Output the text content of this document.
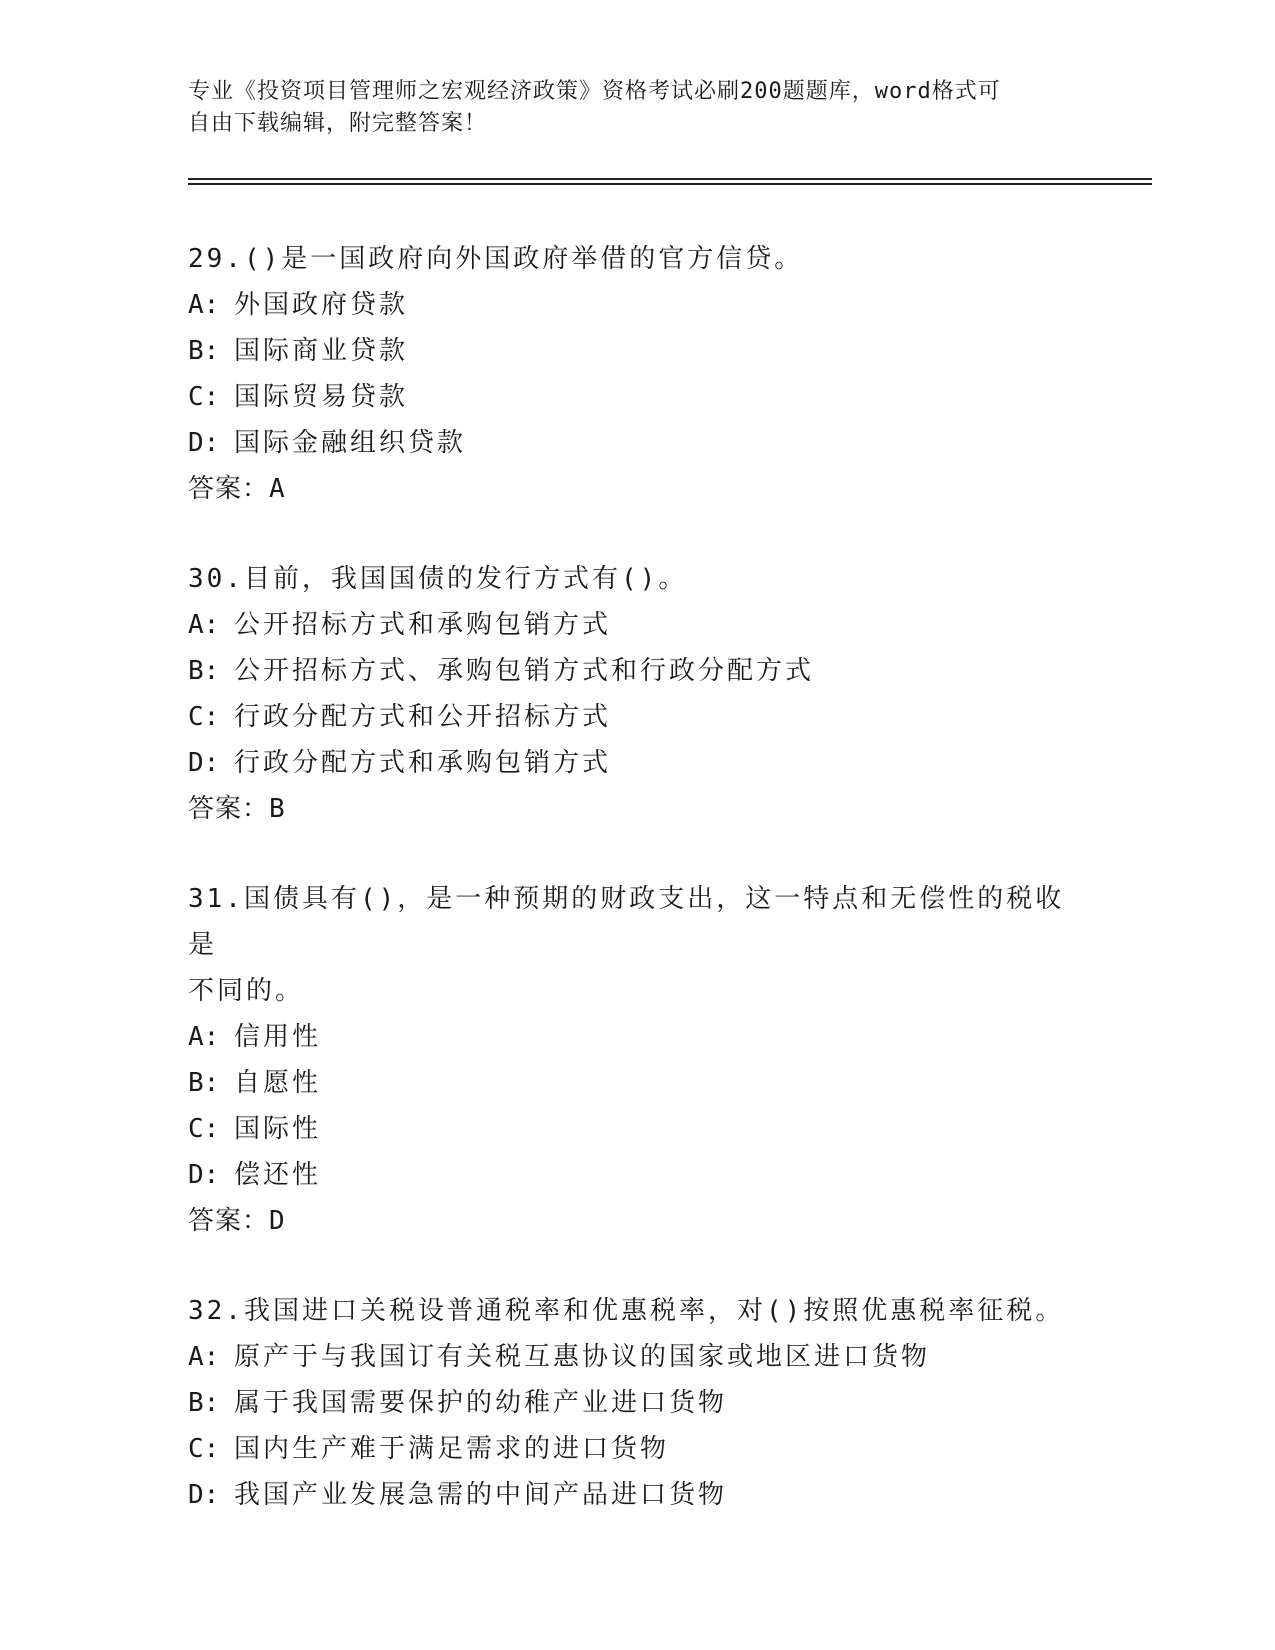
专业《投资项目管理师之宏观经济政策》资格考试必刷200题题库，word格式可
自由下载编辑，附完整答案！

29.()是一国政府向外国政府举借的官方信贷。

A: 外国政府贷款

B: 国际商业贷款

C: 国际贸易贷款

D: 国际金融组织贷款

答案：A

30.目前，我国国债的发行方式有()。

A: 公开招标方式和承购包销方式

B: 公开招标方式、承购包销方式和行政分配方式

C: 行政分配方式和公开招标方式

D: 行政分配方式和承购包销方式

答案：B

31.国债具有()，是一种预期的财政支出，这一特点和无偿性的税收是

不同的。

A: 信用性

B: 自愿性

C: 国际性

D: 偿还性

答案：D

32.我国进口关税设普通税率和优惠税率，对()按照优惠税率征税。

A: 原产于与我国订有关税互惠协议的国家或地区进口货物

B: 属于我国需要保护的幼稚产业进口货物

C: 国内生产难于满足需求的进口货物

D: 我国产业发展急需的中间产品进口货物
